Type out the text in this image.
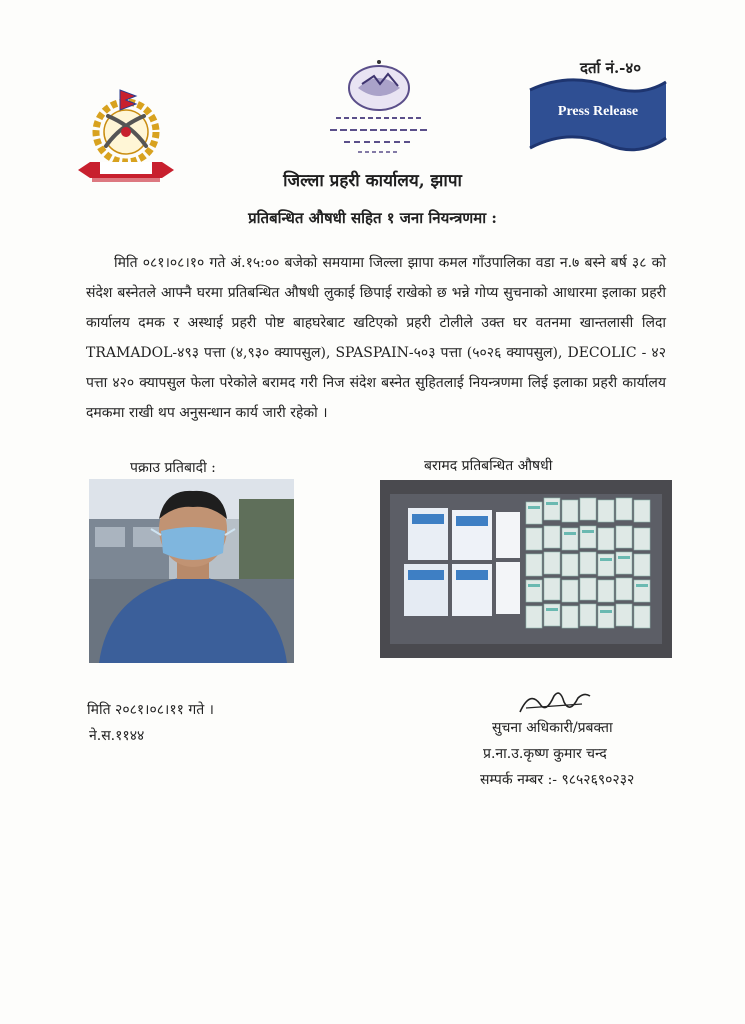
दर्ता नं.-४०
Press Release
जिल्ला प्रहरी कार्यालय, झापा
प्रतिबन्धित औषधी सहित १ जना नियन्त्रणमा :
मिति ०८१।०८।१० गते अं.१५:०० बजेको समयामा जिल्ला झापा कमल गाँउपालिका वडा न.७ बस्ने बर्ष ३८ को संदेश बस्नेतले आफ्नै घरमा प्रतिबन्धित औषधी लुकाई छिपाई राखेको छ भन्ने गोप्य सुचनाको आधारमा इलाका प्रहरी कार्यालय दमक र अस्थाई प्रहरी पोष्ट बाहघरेबाट खटिएको प्रहरी टोलीले उक्त घर वतनमा खान्तलासी लिदा TRAMADOL-४९३ पत्ता (४,९३० क्यापसुल), SPASPAIN-५०३ पत्ता (५०२६ क्यापसुल), DECOLIC - ४२ पत्ता ४२० क्यापसुल फेला परेकोले बरामद गरी निज संदेश बस्नेत सुहितलाई नियन्त्रणमा लिई इलाका प्रहरी कार्यालय दमकमा राखी थप अनुसन्धान कार्य जारी रहेको ।
पक्राउ प्रतिबादी :	बरामद प्रतिबन्धित औषधी
मिति २०८१।०८।११ गते ।
ने.स.११४४	सुचना अधिकारी/प्रबक्ता
प्र.ना.उ.कृष्ण कुमार चन्द
सम्पर्क नम्बर :- ९८५२६९०२३२
